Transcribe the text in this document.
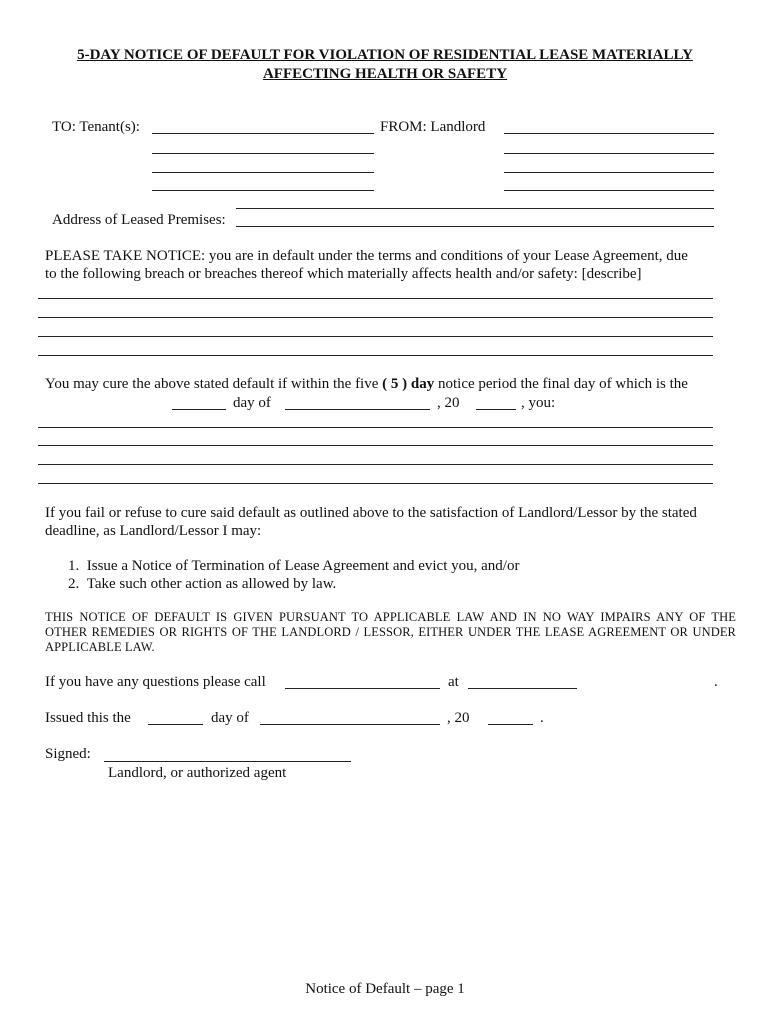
5-DAY NOTICE OF DEFAULT FOR VIOLATION OF RESIDENTIAL LEASE MATERIALLY
AFFECTING HEALTH OR SAFETY
TO: Tenant(s):	FROM: Landlord
Address of Leased Premises:
PLEASE TAKE NOTICE: you are in default under the terms and conditions of your Lease Agreement, due
to the following breach or breaches thereof which materially affects health and/or safety: [describe]
You may cure the above stated default if within the five ( 5 ) day notice period the final day of which is the
day of	, 20	, you:
If you fail or refuse to cure said default as outlined above to the satisfaction of Landlord/Lessor by the stated
deadline, as Landlord/Lessor I may:
1. Issue a Notice of Termination of Lease Agreement and evict you, and/or
2. Take such other action as allowed by law.
THIS NOTICE OF DEFAULT IS GIVEN PURSUANT TO APPLICABLE LAW AND IN NO WAY IMPAIRS ANY OF THE
OTHER REMEDIES OR RIGHTS OF THE LANDLORD / LESSOR, EITHER UNDER THE LEASE AGREEMENT OR UNDER
APPLICABLE LAW.
If you have any questions please call	at	.
Issued this the	day of	, 20	.
Signed:
Landlord, or authorized agent
Notice of Default – page 1
